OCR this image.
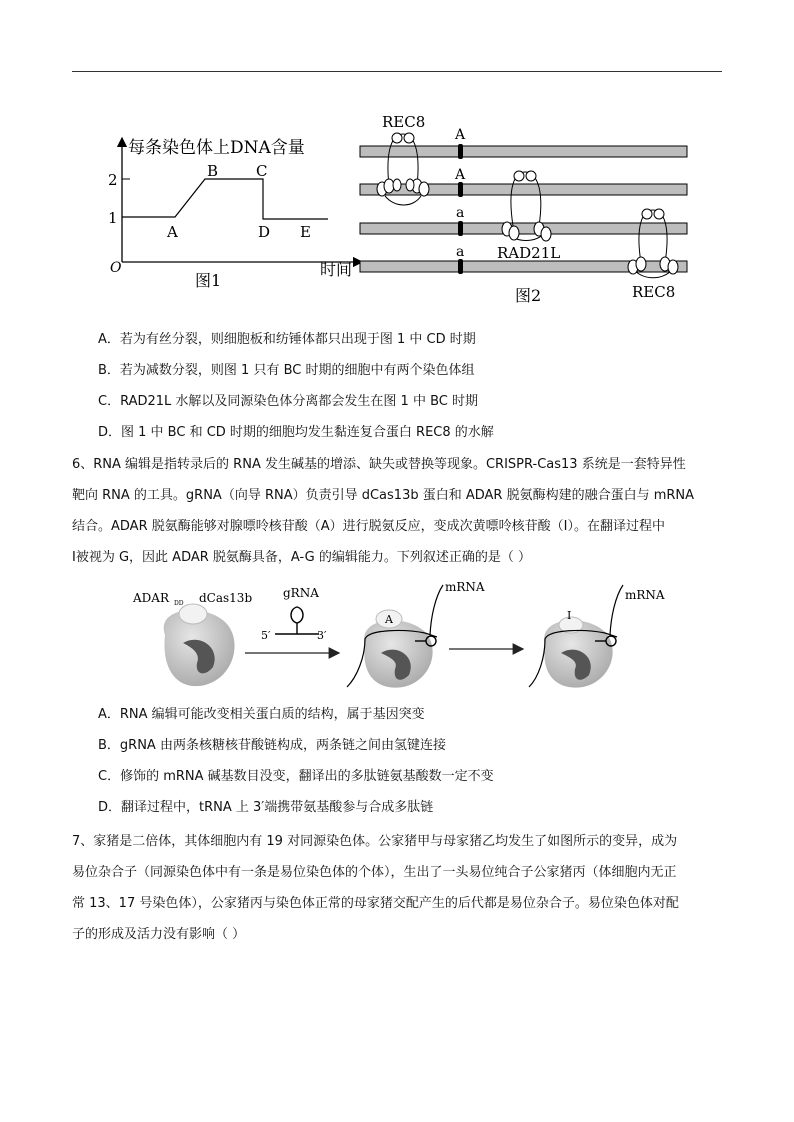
每条染色体上DNA含量
2
1
O	时间
A
B	C
D E
图1
A
A
a
a
REC8
RAD21L
REC8
图2
A．若为有丝分裂，则细胞板和纺锤体都只出现于图 1 中 CD 时期
B．若为减数分裂，则图 1 只有 BC 时期的细胞中有两个染色体组
C．RAD21L 水解以及同源染色体分离都会发生在图 1 中 BC 时期
D．图 1 中 BC 和 CD 时期的细胞均发生黏连复合蛋白 REC8 的水解
6、RNA 编辑是指转录后的 RNA 发生碱基的增添、缺失或替换等现象。CRISPR-Cas13 系统是一套特异性
靶向 RNA 的工具。gRNA（向导 RNA）负责引导 dCas13b 蛋白和 ADAR 脱氨酶构建的融合蛋白与 mRNA
结合。ADAR 脱氨酶能够对腺嘌呤核苷酸（A）进行脱氨反应，变成次黄嘌呤核苷酸（Ⅰ）。在翻译过程中
Ⅰ被视为 G，因此 ADAR 脱氨酶具备，A-G 的编辑能力。下列叙述正确的是（ ）
ADAR DD dCas13b	gRNA
5′	3′
A
mRNA
I
mRNA
A．RNA 编辑可能改变相关蛋白质的结构，属于基因突变
B．gRNA 由两条核糖核苷酸链构成，两条链之间由氢键连接
C．修饰的 mRNA 碱基数目没变，翻译出的多肽链氨基酸数一定不变
D．翻译过程中，tRNA 上 3′端携带氨基酸参与合成多肽链
7、家猪是二倍体，其体细胞内有 19 对同源染色体。公家猪甲与母家猪乙均发生了如图所示的变异，成为
易位杂合子（同源染色体中有一条是易位染色体的个体），生出了一头易位纯合子公家猪丙（体细胞内无正
常 13、17 号染色体），公家猪丙与染色体正常的母家猪交配产生的后代都是易位杂合子。易位染色体对配
子的形成及活力没有影响（ ）
